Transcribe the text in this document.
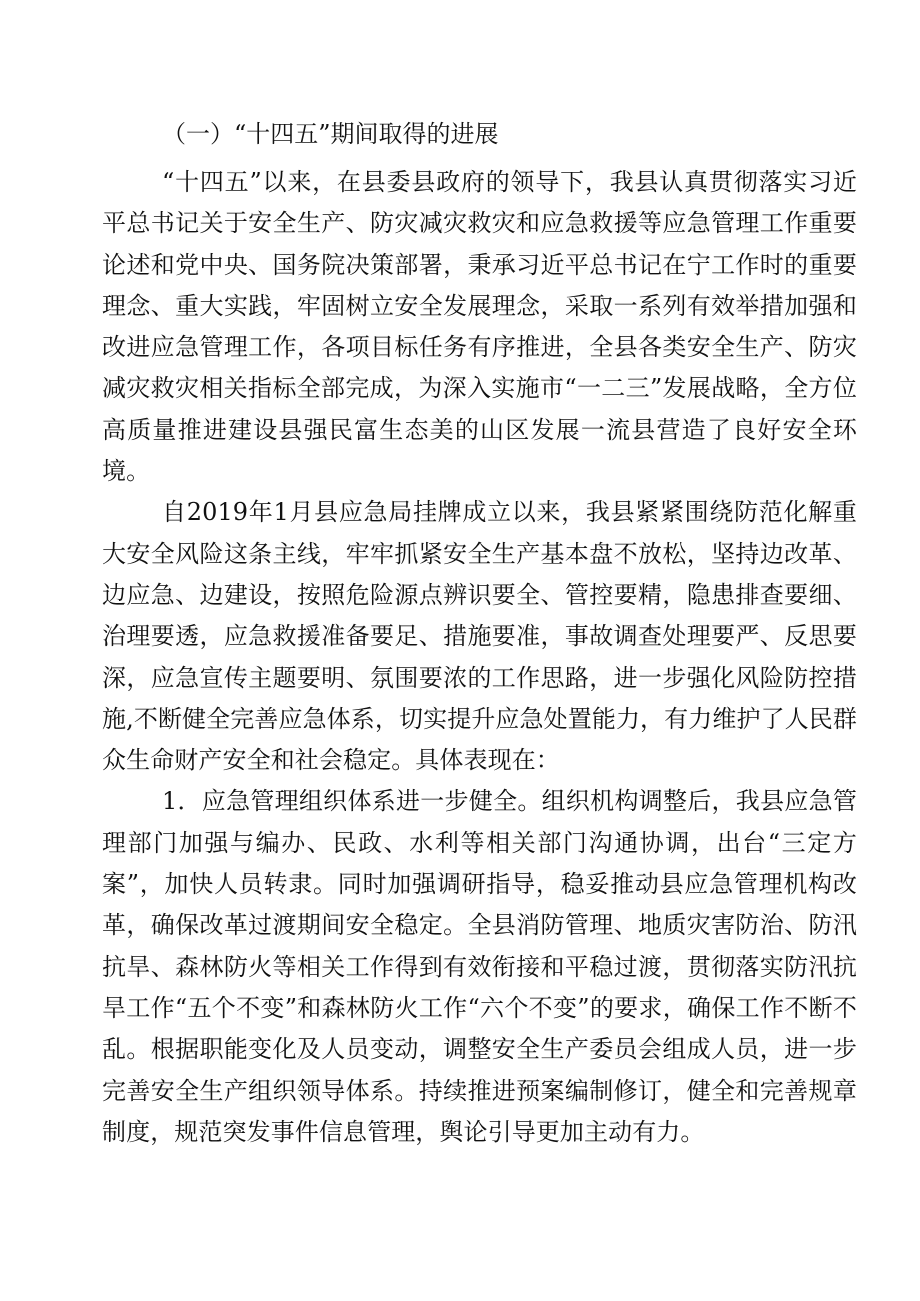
（一）“十四五”期间取得的进展

“十四五”以来，在县委县政府的领导下，我县认真贯彻落实习近平总书记关于安全生产、防灾减灾救灾和应急救援等应急管理工作重要论述和党中央、国务院决策部署，秉承习近平总书记在宁工作时的重要理念、重大实践，牢固树立安全发展理念，采取一系列有效举措加强和改进应急管理工作，各项目标任务有序推进，全县各类安全生产、防灾减灾救灾相关指标全部完成，为深入实施市“一二三”发展战略，全方位高质量推进建设县强民富生态美的山区发展一流县营造了良好安全环境。

自2019年1月县应急局挂牌成立以来，我县紧紧围绕防范化解重大安全风险这条主线，牢牢抓紧安全生产基本盘不放松，坚持边改革、边应急、边建设，按照危险源点辨识要全、管控要精，隐患排查要细、治理要透，应急救援准备要足、措施要准，事故调查处理要严、反思要深，应急宣传主题要明、氛围要浓的工作思路，进一步强化风险防控措施,不断健全完善应急体系，切实提升应急处置能力，有力维护了人民群众生命财产安全和社会稳定。具体表现在：

1．应急管理组织体系进一步健全。组织机构调整后，我县应急管理部门加强与编办、民政、水利等相关部门沟通协调，出台“三定方案”，加快人员转隶。同时加强调研指导，稳妥推动县应急管理机构改革，确保改革过渡期间安全稳定。全县消防管理、地质灾害防治、防汛抗旱、森林防火等相关工作得到有效衔接和平稳过渡，贯彻落实防汛抗旱工作“五个不变”和森林防火工作“六个不变”的要求，确保工作不断不乱。根据职能变化及人员变动，调整安全生产委员会组成人员，进一步完善安全生产组织领导体系。持续推进预案编制修订，健全和完善规章制度，规范突发事件信息管理，舆论引导更加主动有力。
